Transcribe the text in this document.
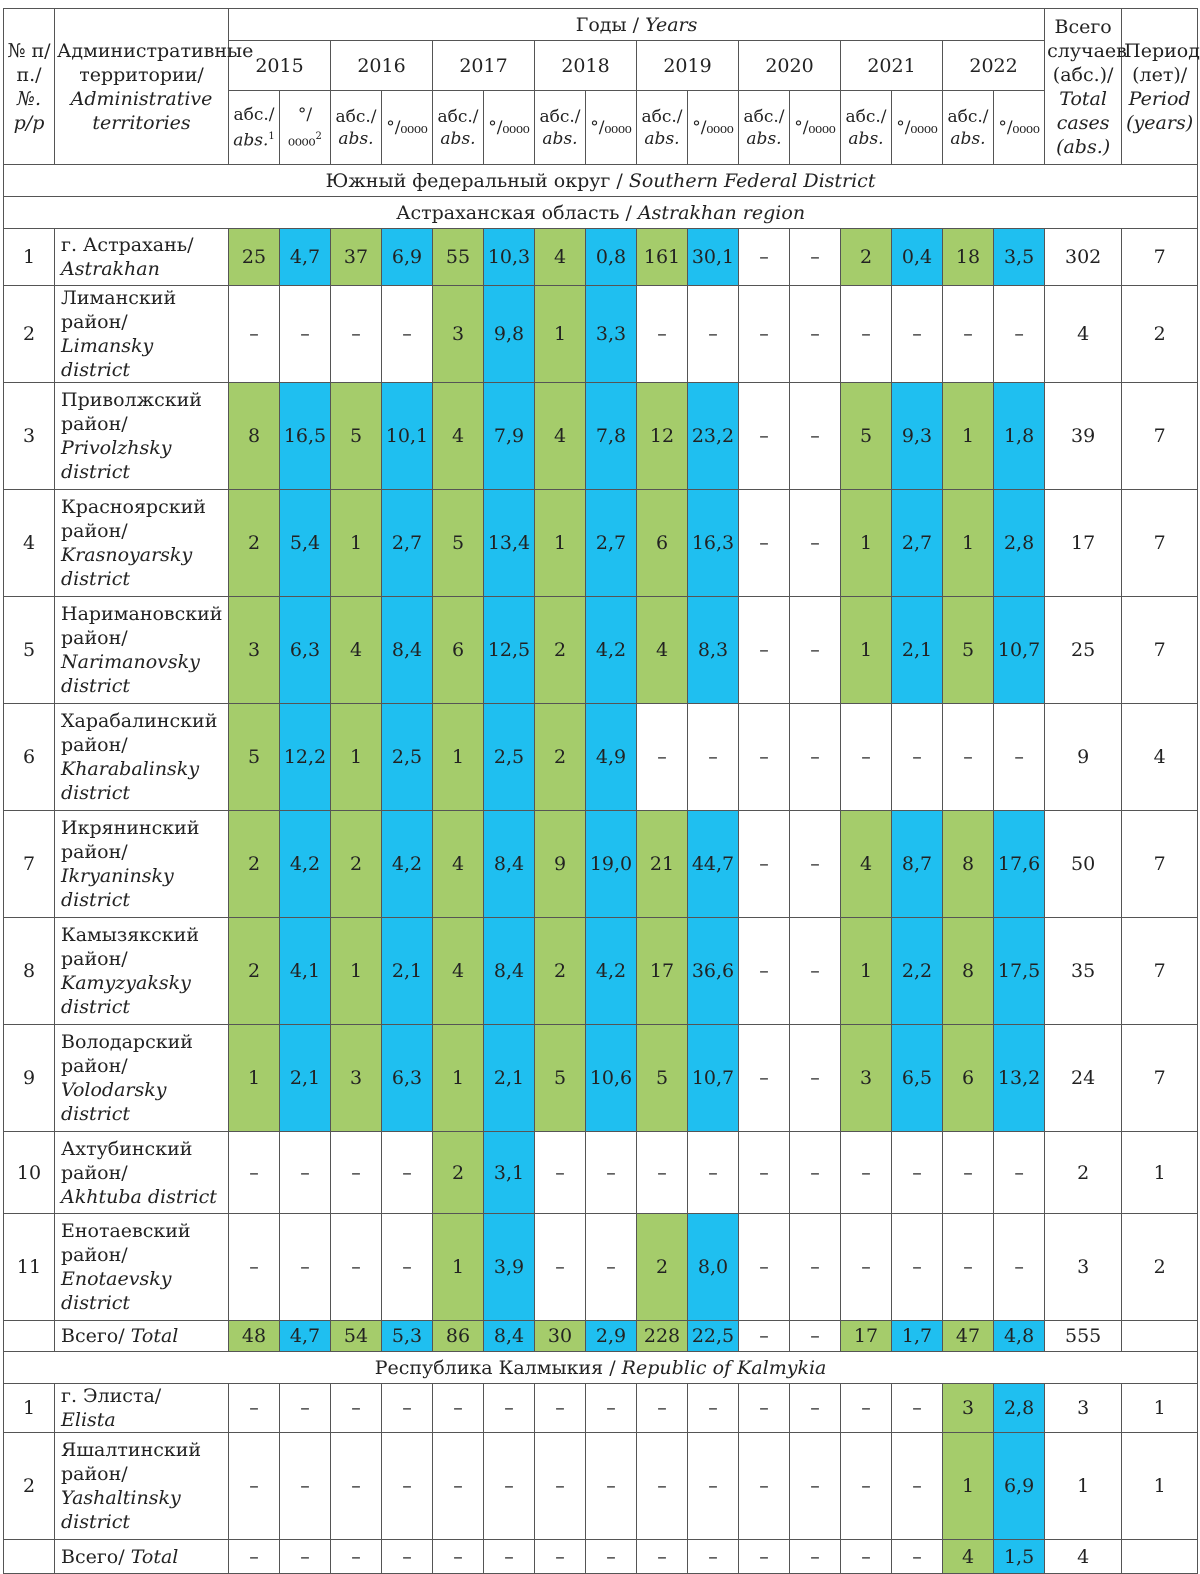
№ п/п./
№. p/p	Административные территории/
Administrative territories	Годы / Years																Всего случаев (абс.)/
Total cases (abs.)	Период (лет)/
Period (years)
		2015		2016		2017		2018		2019		2020		2021		2022			
		абс./
abs.$^1$	°/₀₀₀₀$^2$	абс./
abs.	°/₀₀₀₀	абс./
abs.	°/₀₀₀₀	абс./
abs.	°/₀₀₀₀	абс./
abs.	°/₀₀₀₀	абс./
abs.	°/₀₀₀₀	абс./
abs.	°/₀₀₀₀	абс./
abs.	°/₀₀₀₀		
Южный федеральный округ / Southern Federal District																			
Астраханская область / Astrakhan region																			
1	г. Астрахань/
Astrakhan	25	4,7	37	6,9	55	10,3	4	0,8	161	30,1	–	–	2	0,4	18	3,5	302	7
2	Лиманский район/
Limansky district	–	–	–	–	3	9,8	1	3,3	–	–	–	–	–	–	–	–	4	2
3	Приволжский район/
Privolzhsky district	8	16,5	5	10,1	4	7,9	4	7,8	12	23,2	–	–	5	9,3	1	1,8	39	7
4	Красноярский район/
Krasnoyarsky district	2	5,4	1	2,7	5	13,4	1	2,7	6	16,3	–	–	1	2,7	1	2,8	17	7
5	Наримановский район/
Narimanovsky district	3	6,3	4	8,4	6	12,5	2	4,2	4	8,3	–	–	1	2,1	5	10,7	25	7
6	Харабалинский район/
Kharabalinsky district	5	12,2	1	2,5	1	2,5	2	4,9	–	–	–	–	–	–	–	–	9	4
7	Икрянинский район/
Ikryaninsky district	2	4,2	2	4,2	4	8,4	9	19,0	21	44,7	–	–	4	8,7	8	17,6	50	7
8	Камызякский район/
Kamyzyaksky district	2	4,1	1	2,1	4	8,4	2	4,2	17	36,6	–	–	1	2,2	8	17,5	35	7
9	Володарский район/
Volodarsky district	1	2,1	3	6,3	1	2,1	5	10,6	5	10,7	–	–	3	6,5	6	13,2	24	7
10	Ахтубинский район/
Akhtuba district	–	–	–	–	2	3,1	–	–	–	–	–	–	–	–	–	–	2	1
11	Енотаевский район/
Enotaevsky district	–	–	–	–	1	3,9	–	–	2	8,0	–	–	–	–	–	–	3	2
	Всего/ Total	48	4,7	54	5,3	86	8,4	30	2,9	228	22,5	–	–	17	1,7	47	4,8	555	
Республика Калмыкия / Republic of Kalmykia																			
1	г. Элиста/
Elista	–	–	–	–	–	–	–	–	–	–	–	–	–	–	3	2,8	3	1
2	Яшалтинский район/
Yashaltinsky district	–	–	–	–	–	–	–	–	–	–	–	–	–	–	1	6,9	1	1
	Всего/ Total	–	–	–	–	–	–	–	–	–	–	–	–	–	–	4	1,5	4	
